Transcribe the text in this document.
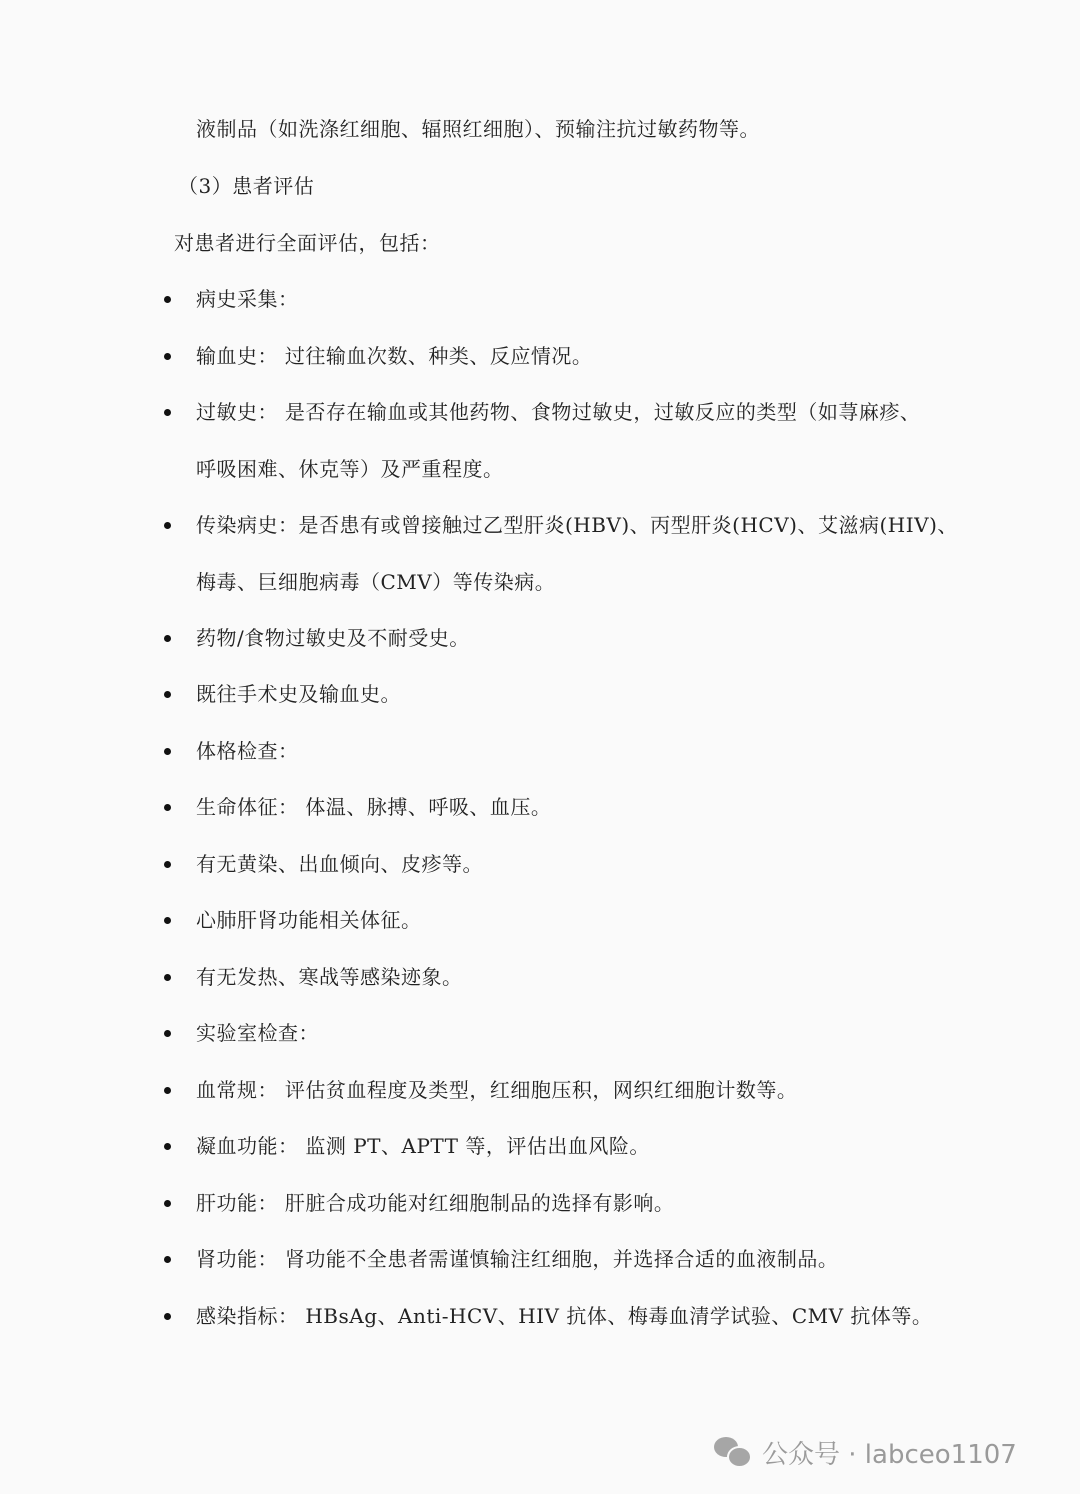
液制品（如洗涤红细胞、辐照红细胞）、预输注抗过敏药物等。
（3）患者评估
对患者进行全面评估，包括：
病史采集：
输血史： 过往输血次数、种类、反应情况。
过敏史： 是否存在输血或其他药物、食物过敏史，过敏反应的类型（如荨麻疹、
呼吸困难、休克等）及严重程度。
传染病史：是否患有或曾接触过乙型肝炎(HBV)、丙型肝炎(HCV)、艾滋病(HIV)、
梅毒、巨细胞病毒（CMV）等传染病。
药物/食物过敏史及不耐受史。
既往手术史及输血史。
体格检查：
生命体征： 体温、脉搏、呼吸、血压。
有无黄染、出血倾向、皮疹等。
心肺肝肾功能相关体征。
有无发热、寒战等感染迹象。
实验室检查：
血常规： 评估贫血程度及类型，红细胞压积，网织红细胞计数等。
凝血功能： 监测 PT、APTT 等，评估出血风险。
肝功能： 肝脏合成功能对红细胞制品的选择有影响。
肾功能： 肾功能不全患者需谨慎输注红细胞，并选择合适的血液制品。
感染指标： HBsAg、Anti-HCV、HIV 抗体、梅毒血清学试验、CMV 抗体等。
公众号 · labceo1107
